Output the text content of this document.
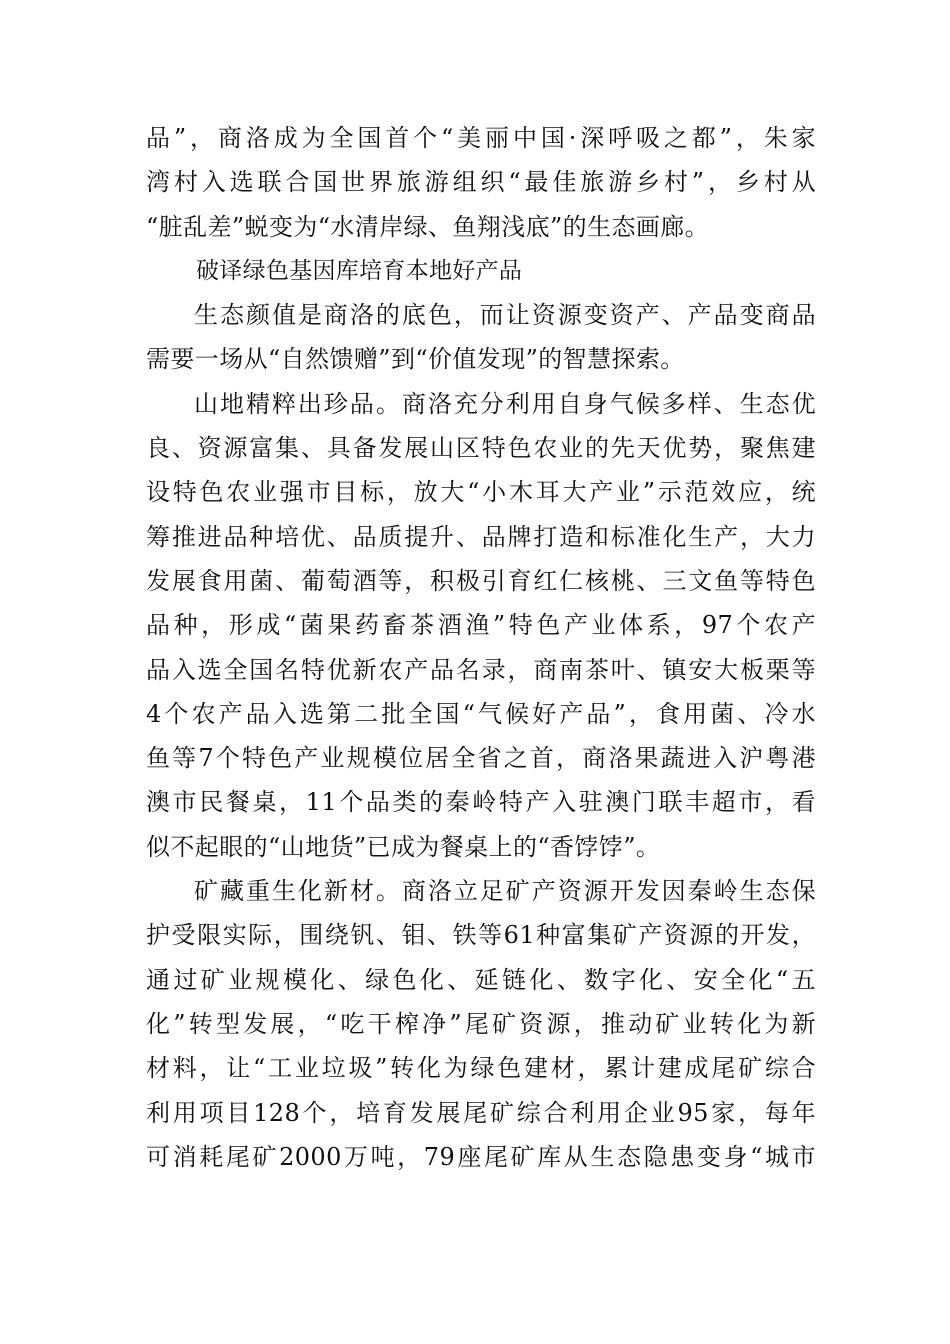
品”，商洛成为全国首个“美丽中国·深呼吸之都”，朱家
湾村入选联合国世界旅游组织“最佳旅游乡村”，乡村从
“脏乱差”蜕变为“水清岸绿、鱼翔浅底”的生态画廊。

破译绿色基因库培育本地好产品

生态颜值是商洛的底色，而让资源变资产、产品变商品
需要一场从“自然馈赠”到“价值发现”的智慧探索。

山地精粹出珍品。商洛充分利用自身气候多样、生态优
良、资源富集、具备发展山区特色农业的先天优势，聚焦建
设特色农业强市目标，放大“小木耳大产业”示范效应，统
筹推进品种培优、品质提升、品牌打造和标准化生产，大力
发展食用菌、葡萄酒等，积极引育红仁核桃、三文鱼等特色
品种，形成“菌果药畜茶酒渔”特色产业体系，97个农产
品入选全国名特优新农产品名录，商南茶叶、镇安大板栗等
4个农产品入选第二批全国“气候好产品”，食用菌、冷水
鱼等7个特色产业规模位居全省之首，商洛果蔬进入沪粤港
澳市民餐桌，11个品类的秦岭特产入驻澳门联丰超市，看
似不起眼的“山地货”已成为餐桌上的“香饽饽”。

矿藏重生化新材。商洛立足矿产资源开发因秦岭生态保
护受限实际，围绕钒、钼、铁等61种富集矿产资源的开发，
通过矿业规模化、绿色化、延链化、数字化、安全化“五
化”转型发展，“吃干榨净”尾矿资源，推动矿业转化为新
材料，让“工业垃圾”转化为绿色建材，累计建成尾矿综合
利用项目128个，培育发展尾矿综合利用企业95家，每年
可消耗尾矿2000万吨，79座尾矿库从生态隐患变身“城市
